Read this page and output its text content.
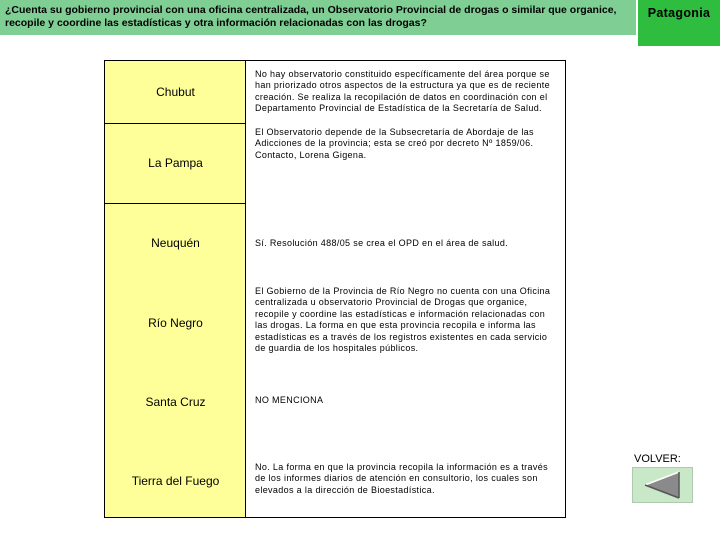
¿Cuenta su gobierno provincial con una oficina centralizada, un Observatorio Provincial de drogas o similar que organice, recopile y coordine las estadísticas y otra información relacionadas con las drogas?
Patagonia
Chubut
La Pampa
Neuquén
Río Negro
Santa Cruz
Tierra del Fuego
No hay observatorio constituido específicamente del área porque se han priorizado otros aspectos de la estructura ya que es de reciente creación. Se realiza la recopilación de datos en coordinación con el Departamento Provincial de Estadística de la Secretaría de Salud.
El Observatorio depende de la Subsecretaría de Abordaje de las Adicciones de la provincia; esta se creó por decreto Nº 1859/06. Contacto, Lorena Gigena.
Sí. Resolución 488/05 se crea el OPD en el área de salud.
El Gobierno de la Provincia de Río Negro no cuenta con una Oficina centralizada u observatorio Provincial de Drogas que organice, recopile y coordine las estadísticas e información relacionadas con las drogas. La forma en que esta provincia recopila e informa las estadísticas es a través de los registros existentes en cada servicio de guardia de los hospitales públicos.
NO MENCIONA
No. La forma en que la provincia recopila la información es a través de los informes diarios de atención en consultorio, los cuales son elevados a la dirección de Bioestadística.
VOLVER:
